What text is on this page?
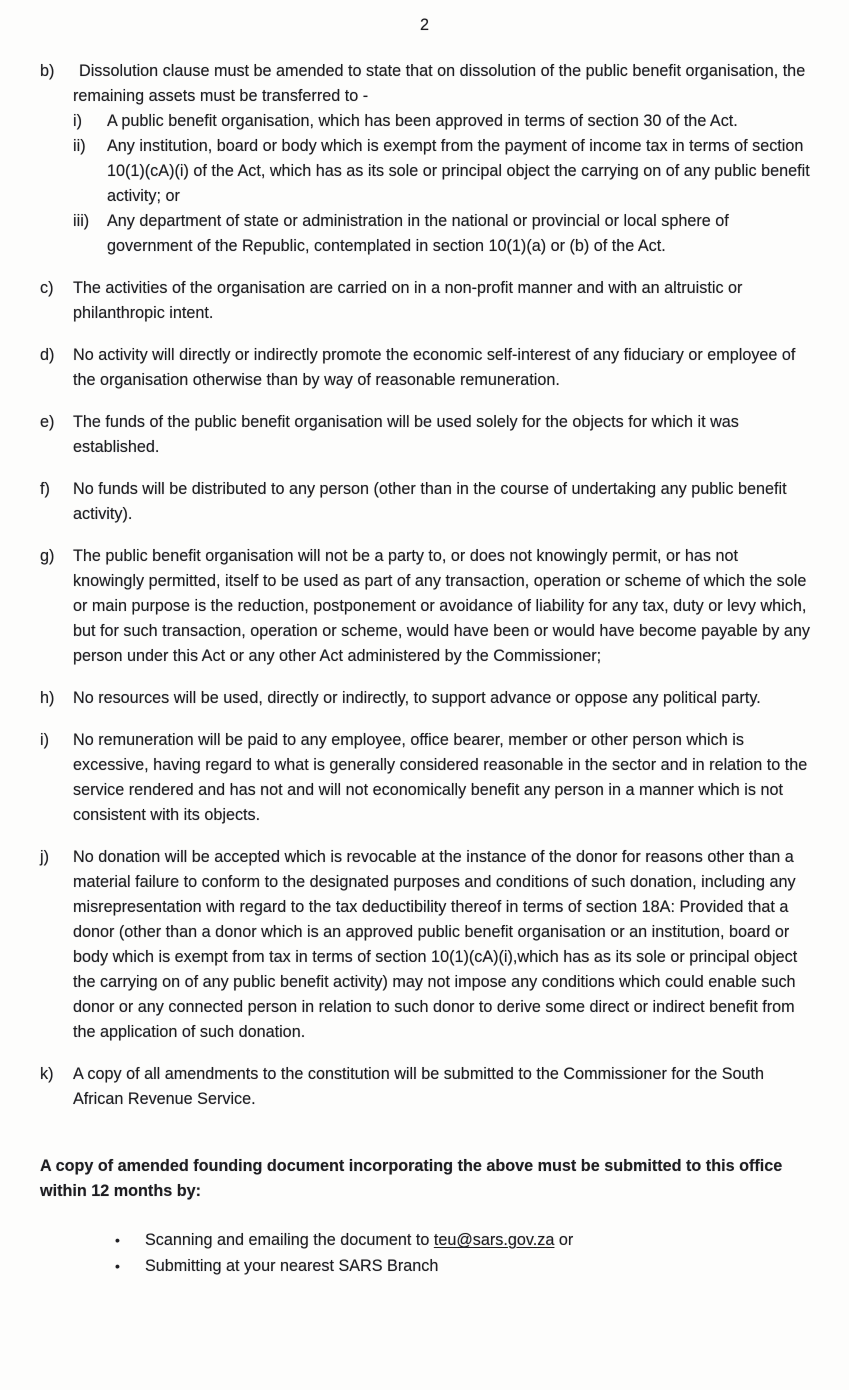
2
b)	Dissolution clause must be amended to state that on dissolution of the public benefit organisation, the remaining assets must be transferred to -
i)	A public benefit organisation, which has been approved in terms of section 30 of the Act.
ii)	Any institution, board or body which is exempt from the payment of income tax in terms of section 10(1)(cA)(i) of the Act, which has as its sole or principal object the carrying on of any public benefit activity; or
iii)	Any department of state or administration in the national or provincial or local sphere of government of the Republic, contemplated in section 10(1)(a) or (b) of the Act.
c)	The activities of the organisation are carried on in a non-profit manner and with an altruistic or philanthropic intent.
d)	No activity will directly or indirectly promote the economic self-interest of any fiduciary or employee of the organisation otherwise than by way of reasonable remuneration.
e)	The funds of the public benefit organisation will be used solely for the objects for which it was established.
f)	No funds will be distributed to any person (other than in the course of undertaking any public benefit activity).
g)	The public benefit organisation will not be a party to, or does not knowingly permit, or has not knowingly permitted, itself to be used as part of any transaction, operation or scheme of which the sole or main purpose is the reduction, postponement or avoidance of liability for any tax, duty or levy which, but for such transaction, operation or scheme, would have been or would have become payable by any person under this Act or any other Act administered by the Commissioner;
h)	No resources will be used, directly or indirectly, to support advance or oppose any political party.
i)	No remuneration will be paid to any employee, office bearer, member or other person which is excessive, having regard to what is generally considered reasonable in the sector and in relation to the service rendered and has not and will not economically benefit any person in a manner which is not consistent with its objects.
j)	No donation will be accepted which is revocable at the instance of the donor for reasons other than a material failure to conform to the designated purposes and conditions of such donation, including any misrepresentation with regard to the tax deductibility thereof in terms of section 18A: Provided that a donor (other than a donor which is an approved public benefit organisation or an institution, board or body which is exempt from tax in terms of section 10(1)(cA)(i),which has as its sole or principal object the carrying on of any public benefit activity) may not impose any conditions which could enable such donor or any connected person in relation to such donor to derive some direct or indirect benefit from the application of such donation.
k)	A copy of all amendments to the constitution will be submitted to the Commissioner for the South African Revenue Service.
A copy of amended founding document incorporating the above must be submitted to this office within 12 months by:
•	Scanning and emailing the document to teu@sars.gov.za or
•	Submitting at your nearest SARS Branch
